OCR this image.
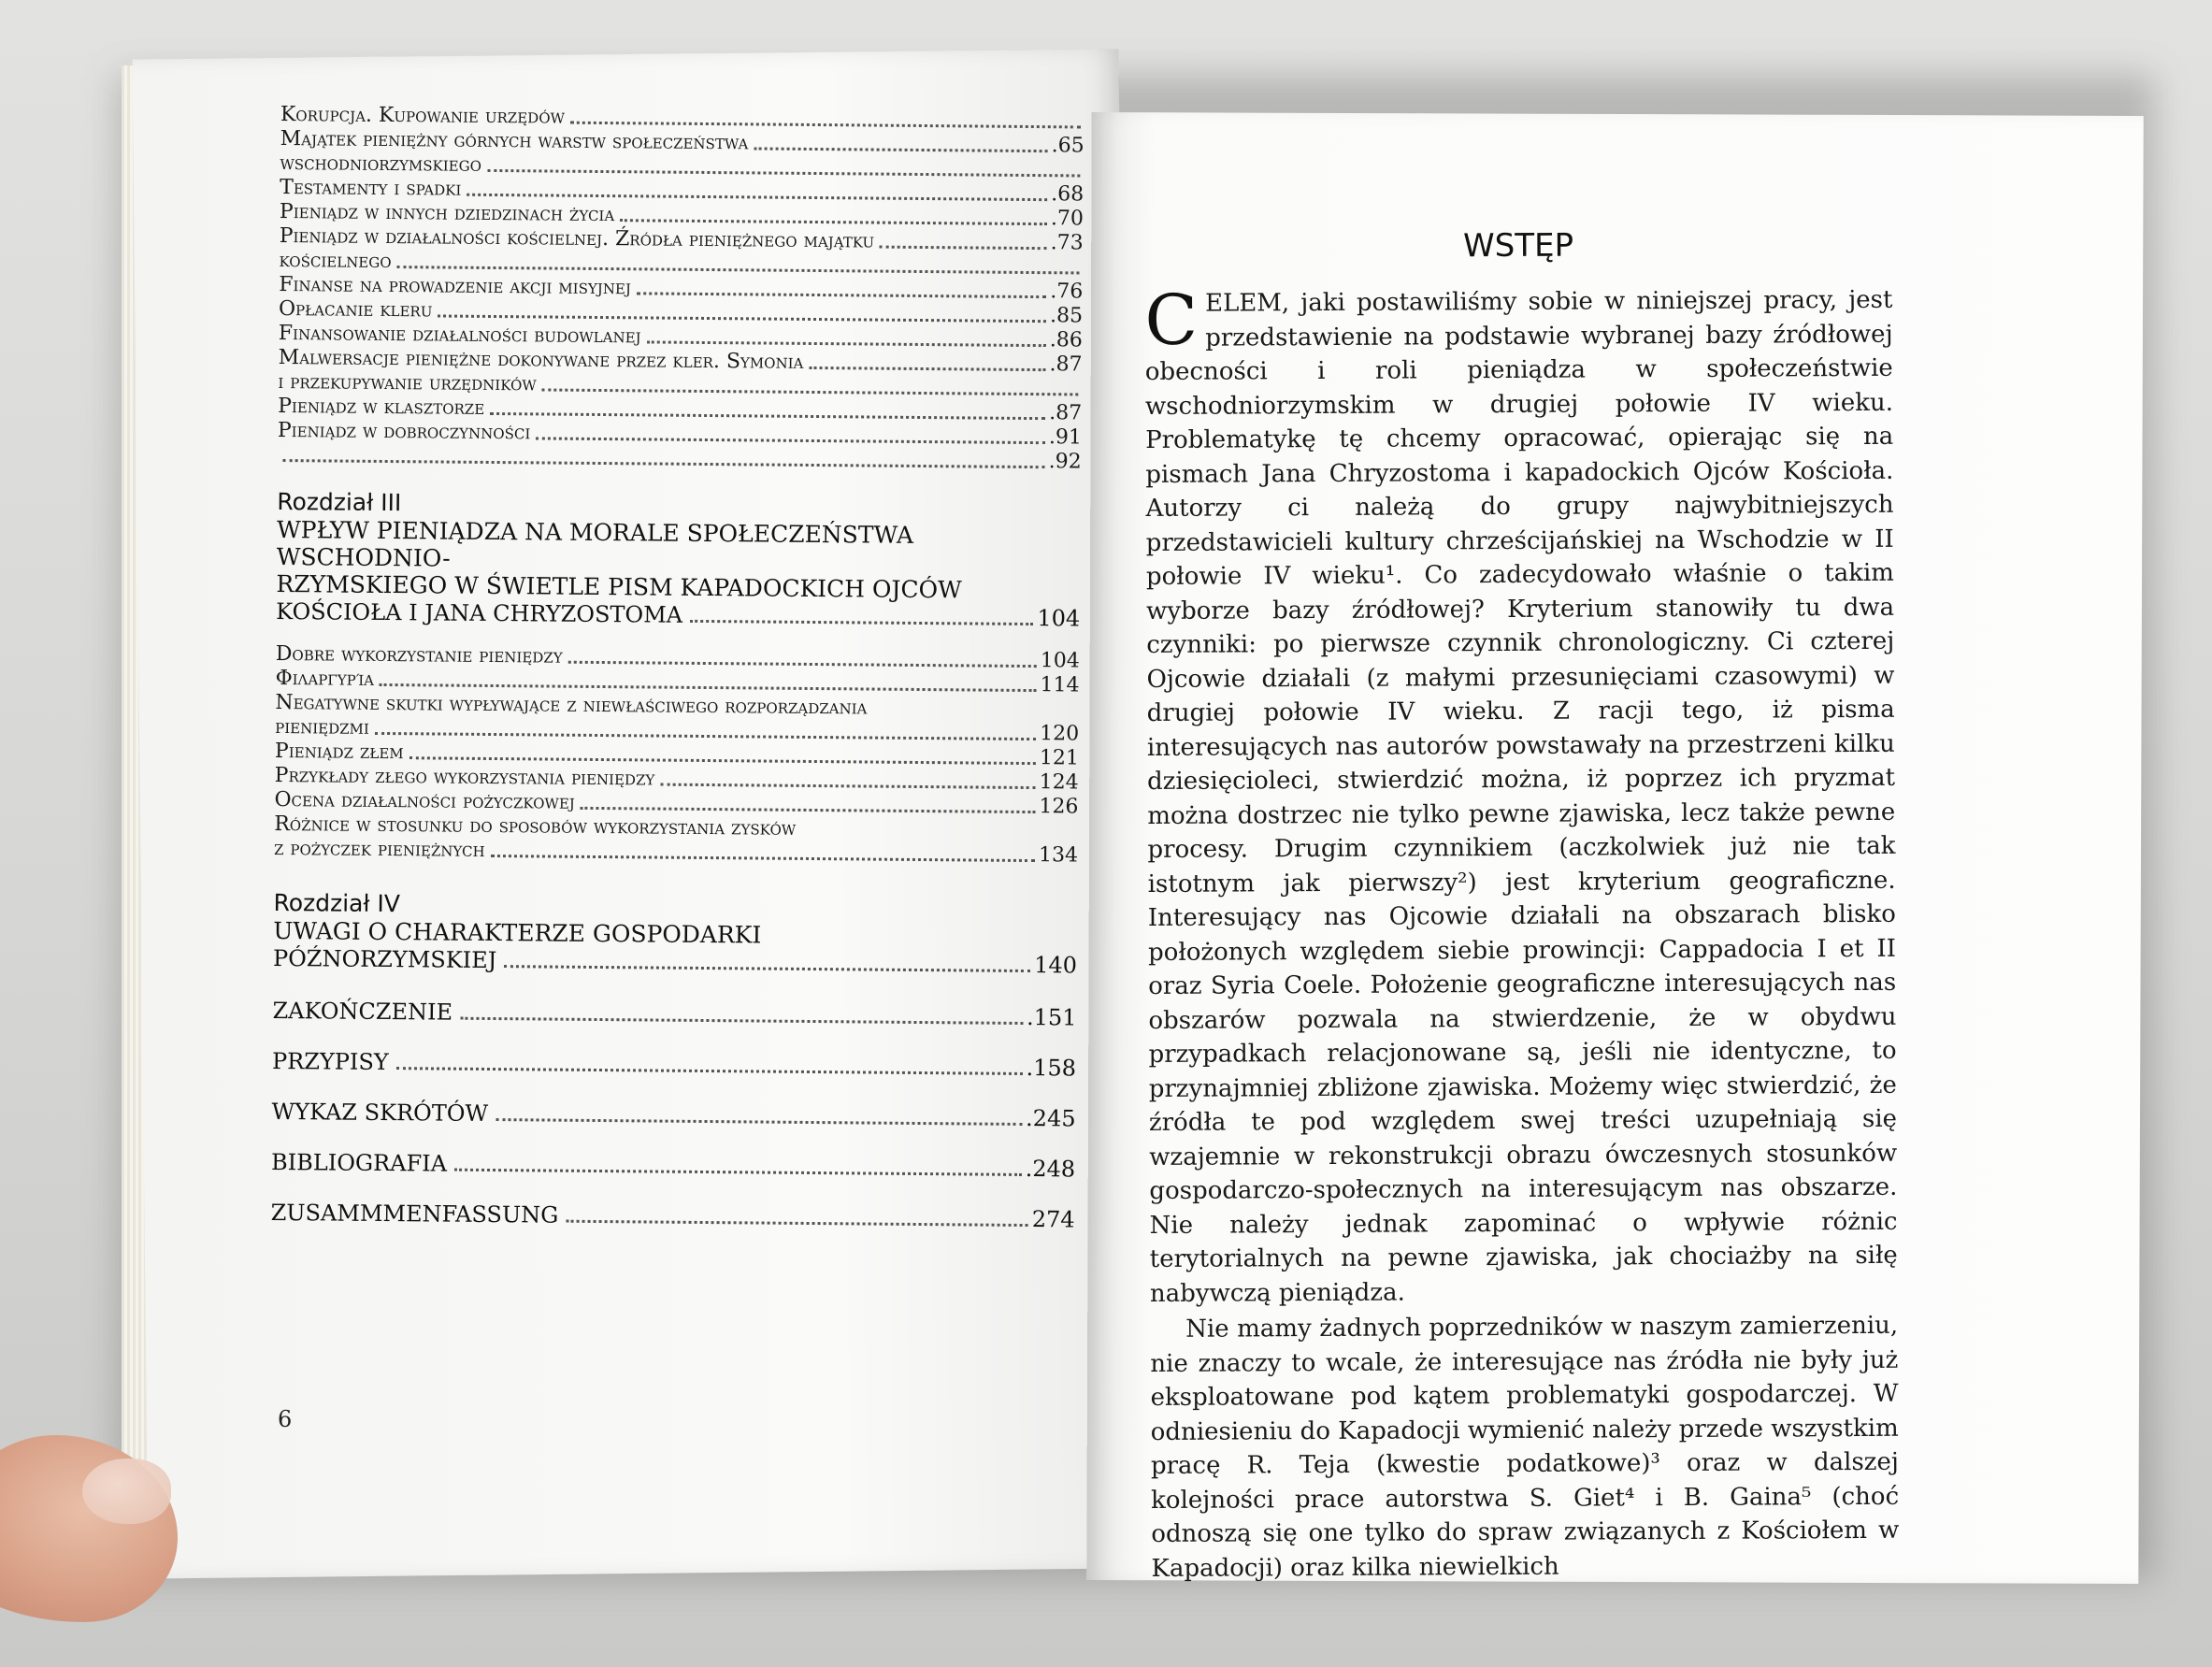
Korupcja. Kupowanie urzędów
Majątek pieniężny górnych warstw społeczeństwa	.65
wschodniorzymskiego
Testamenty i spadki	.68
Pieniądz w innych dziedzinach życia	.70
Pieniądz w działalności kościelnej. Źródła pieniężnego majątku	.73
kościelnego
Finanse na prowadzenie akcji misyjnej	.76
Opłacanie kleru	.85
Finansowanie działalności budowlanej	.86
Malwersacje pieniężne dokonywane przez kler. Symonia	.87
i przekupywanie urzędników
Pieniądz w klasztorze	.87
Pieniądz w dobroczynności	.91
.92
Rozdział III
WPŁYW PIENIĄDZA NA MORALE SPOŁECZEŃSTWA WSCHODNIO-
RZYMSKIEGO W ŚWIETLE PISM KAPADOCKICH OJCÓW
KOŚCIOŁA I JANA CHRYZOSTOMA	104
Dobre wykorzystanie pieniędzy	104
Φιλαργυρία	114
Negatywne skutki wypływające z niewłaściwego rozporządzania
pieniędzmi	120
Pieniądz złem	121
Przykłady złego wykorzystania pieniędzy	124
Ocena działalności pożyczkowej	126
Różnice w stosunku do sposobów wykorzystania zysków
z pożyczek pieniężnych	134
Rozdział IV
UWAGI O CHARAKTERZE GOSPODARKI
PÓŹNORZYMSKIEJ	140
ZAKOŃCZENIE	.151
PRZYPISY	.158
WYKAZ SKRÓTÓW	.245
BIBLIOGRAFIA	.248
ZUSAMMMENFASSUNG	274
6
WSTĘP
CELEM, jaki postawiliśmy sobie w niniejszej pracy, jest przedstawienie na podstawie wybranej bazy źródłowej obecności i roli pieniądza w społeczeństwie wschodniorzymskim w drugiej połowie IV wieku. Problematykę tę chcemy opracować, opierając się na pismach Jana Chryzostoma i kapadockich Ojców Kościoła. Autorzy ci należą do grupy najwybitniejszych przedstawicieli kultury chrześcijańskiej na Wschodzie w II połowie IV wieku¹. Co zadecydowało właśnie o takim wyborze bazy źródłowej? Kryterium stanowiły tu dwa czynniki: po pierwsze czynnik chronologiczny. Ci czterej Ojcowie działali (z małymi przesunięciami czasowymi) w drugiej połowie IV wieku. Z racji tego, iż pisma interesujących nas autorów powstawały na przestrzeni kilku dziesięcioleci, stwierdzić można, iż poprzez ich pryzmat można dostrzec nie tylko pewne zjawiska, lecz także pewne procesy. Drugim czynnikiem (aczkolwiek już nie tak istotnym jak pierwszy²) jest kryterium geograficzne. Interesujący nas Ojcowie działali na obszarach blisko położonych względem siebie prowincji: Cappadocia I et II oraz Syria Coele. Położenie geograficzne interesujących nas obszarów pozwala na stwierdzenie, że w obydwu przypadkach relacjonowane są, jeśli nie identyczne, to przynajmniej zbliżone zjawiska. Możemy więc stwierdzić, że źródła te pod względem swej treści uzupełniają się wzajemnie w rekonstrukcji obrazu ówczesnych stosunków gospodarczo-społecznych na interesującym nas obszarze. Nie należy jednak zapominać o wpływie różnic terytorialnych na pewne zjawiska, jak chociażby na siłę nabywczą pieniądza.
Nie mamy żadnych poprzedników w naszym zamierzeniu, nie znaczy to wcale, że interesujące nas źródła nie były już eksploatowane pod kątem problematyki gospodarczej. W odniesieniu do Kapadocji wymienić należy przede wszystkim pracę R. Teja (kwestie podatkowe)³ oraz w dalszej kolejności prace autorstwa S. Giet⁴ i B. Gaina⁵ (choć odnoszą się one tylko do spraw związanych z Kościołem w Kapadocji) oraz kilka niewielkich
